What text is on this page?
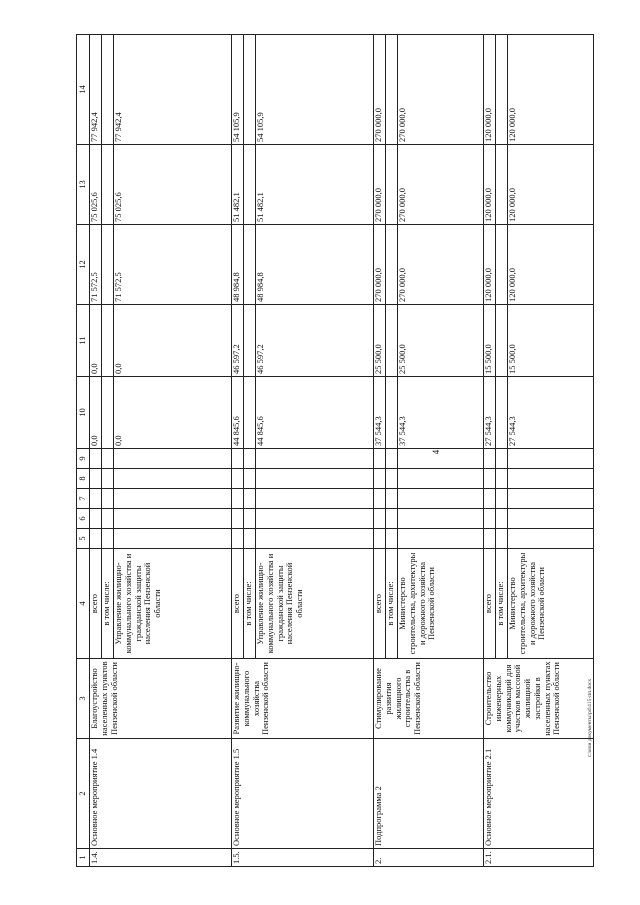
4
c:\мои документы\pd\415-пп.docx
1	2	3	4	5	6	7	8	9	10	11	12	13	14
1.4.	Основное мероприятие 1.4	Благоустройство населенных пунктов Пензенской области	всего						0,0	0,0	71 572,5	75 025,6	77 942,4
			в том числе:										
			Управление жилищно-коммунального хозяйства и гражданской защиты населения Пензенской области						0,0	0,0	71 572,5	75 025,6	77 942,4
1.5.	Основное мероприятие 1.5	Развитие жилищно-коммунального хозяйства Пензенской области	всего						44 845,6	46 597,2	48 984,8	51 482,1	54 105,9
			в том числе:										
			Управление жилищно-коммунального хозяйства и гражданской защиты населения Пензенской области						44 845,6	46 597,2	48 984,8	51 482,1	54 105,9
2.	Подпрограмма 2	Стимулирование развития жилищного строительства в Пензенской области	всего						37 544,3	25 500,0	270 000,0	270 000,0	270 000,0
			в том числе:										
			Министерство строительства, архитектуры и дорожного хозяйства Пензенской области						37 544,3	25 500,0	270 000,0	270 000,0	270 000,0
2.1.	Основное мероприятие 2.1	Строительство инженерных коммуникаций для участков массовой жилищной застройки в населенных пунктах Пензенской области	всего						27 544,3	15 500,0	120 000,0	120 000,0	120 000,0
			в том числе:										
			Министерство строительства, архитектуры и дорожного хозяйства Пензенской области						27 544,3	15 500,0	120 000,0	120 000,0	120 000,0
